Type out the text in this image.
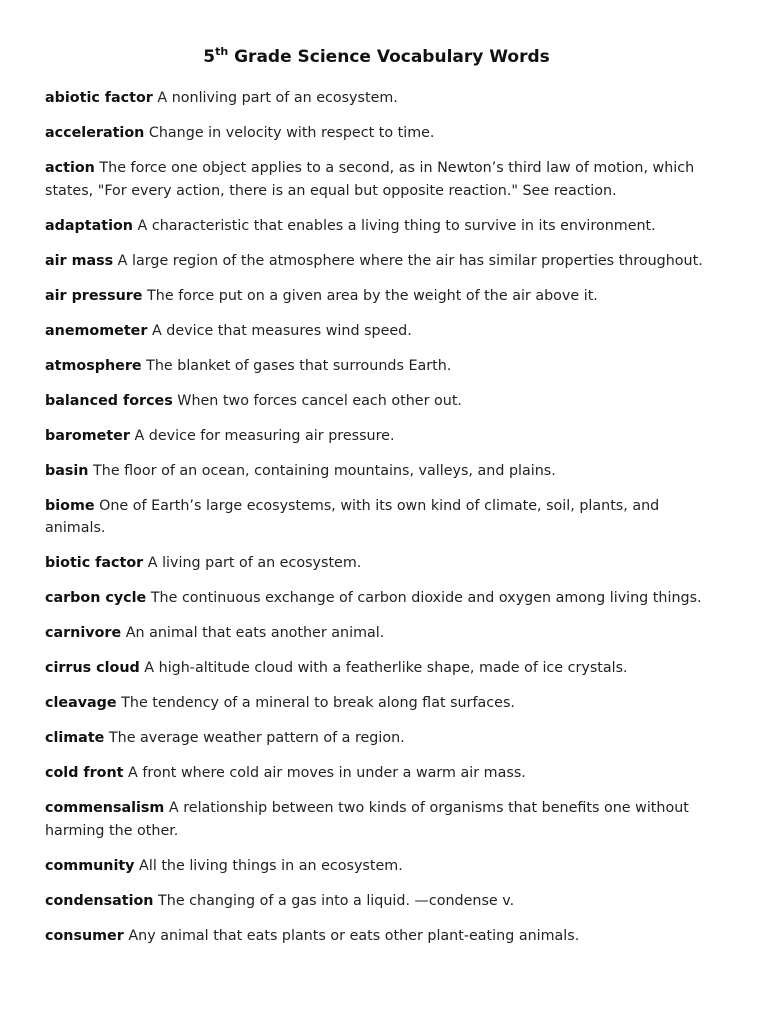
5th Grade Science Vocabulary Words

abiotic factor A nonliving part of an ecosystem.

acceleration Change in velocity with respect to time.

action The force one object applies to a second, as in Newton’s third law of motion, which states, "For every action, there is an equal but opposite reaction." See reaction.

adaptation A characteristic that enables a living thing to survive in its environment.

air mass A large region of the atmosphere where the air has similar properties throughout.

air pressure The force put on a given area by the weight of the air above it.

anemometer A device that measures wind speed.

atmosphere The blanket of gases that surrounds Earth.

balanced forces When two forces cancel each other out.

barometer A device for measuring air pressure.

basin The floor of an ocean, containing mountains, valleys, and plains.

biome One of Earth’s large ecosystems, with its own kind of climate, soil, plants, and animals.

biotic factor A living part of an ecosystem.

carbon cycle The continuous exchange of carbon dioxide and oxygen among living things.

carnivore An animal that eats another animal.

cirrus cloud A high-altitude cloud with a featherlike shape, made of ice crystals.

cleavage The tendency of a mineral to break along flat surfaces.

climate The average weather pattern of a region.

cold front A front where cold air moves in under a warm air mass.

commensalism A relationship between two kinds of organisms that benefits one without harming the other.

community All the living things in an ecosystem.

condensation The changing of a gas into a liquid. —condense v.

consumer Any animal that eats plants or eats other plant-eating animals.
